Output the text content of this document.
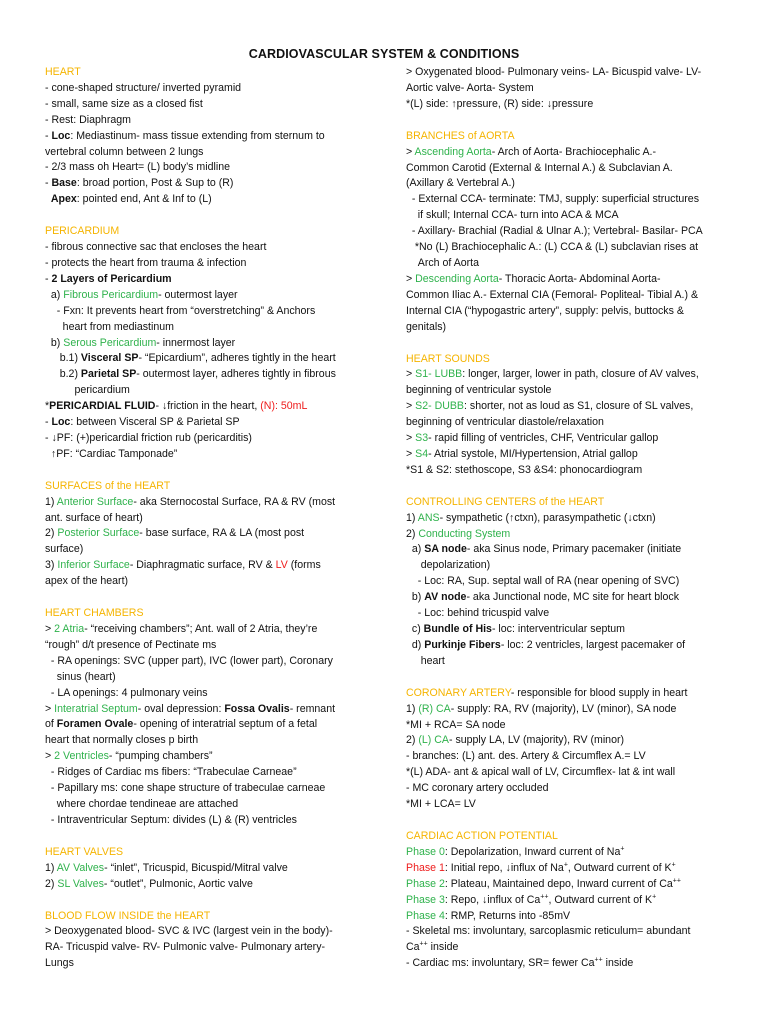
CARDIOVASCULAR SYSTEM & CONDITIONS
HEART
- cone-shaped structure/ inverted pyramid
- small, same size as a closed fist
- Rest: Diaphragm
- Loc: Mediastinum- mass tissue extending from sternum to
vertebral column between 2 lungs
- 2/3 mass oh Heart= (L) body’s midline
- Base: broad portion, Post & Sup to (R)
Apex: pointed end, Ant & Inf to (L)
PERICARDIUM
- fibrous connective sac that encloses the heart
- protects the heart from trauma & infection
- 2 Layers of Pericardium
a) Fibrous Pericardium- outermost layer
- Fxn: It prevents heart from “overstretching” & Anchors
heart from mediastinum
b) Serous Pericardium- innermost layer
b.1) Visceral SP- “Epicardium”, adheres tightly in the heart
b.2) Parietal SP- outermost layer, adheres tightly in fibrous
pericardium
*PERICARDIAL FLUID- ↓friction in the heart, (N): 50mL
- Loc: between Visceral SP & Parietal SP
- ↓PF: (+)pericardial friction rub (pericarditis)
↑PF: “Cardiac Tamponade”
SURFACES of the HEART
1) Anterior Surface- aka Sternocostal Surface, RA & RV (most
ant. surface of heart)
2) Posterior Surface- base surface, RA & LA (most post
surface)
3) Inferior Surface- Diaphragmatic surface, RV & LV (forms
apex of the heart)
HEART CHAMBERS
> 2 Atria- “receiving chambers”; Ant. wall of 2 Atria, they’re
“rough” d/t presence of Pectinate ms
- RA openings: SVC (upper part), IVC (lower part), Coronary
sinus (heart)
- LA openings: 4 pulmonary veins
> Interatrial Septum- oval depression: Fossa Ovalis- remnant
of Foramen Ovale- opening of interatrial septum of a fetal
heart that normally closes p birth
> 2 Ventricles- “pumping chambers”
- Ridges of Cardiac ms fibers: “Trabeculae Carneae”
- Papillary ms: cone shape structure of trabeculae carneae
where chordae tendineae are attached
- Intraventricular Septum: divides (L) & (R) ventricles
HEART VALVES
1) AV Valves- “inlet”, Tricuspid, Bicuspid/Mitral valve
2) SL Valves- “outlet”, Pulmonic, Aortic valve
BLOOD FLOW INSIDE the HEART
> Deoxygenated blood- SVC & IVC (largest vein in the body)-
RA- Tricuspid valve- RV- Pulmonic valve- Pulmonary artery-
Lungs
> Oxygenated blood- Pulmonary veins- LA- Bicuspid valve- LV-
Aortic valve- Aorta- System
*(L) side: ↑pressure, (R) side: ↓pressure
BRANCHES of AORTA
> Ascending Aorta- Arch of Aorta- Brachiocephalic A.-
Common Carotid (External & Internal A.) & Subclavian A.
(Axillary & Vertebral A.)
- External CCA- terminate: TMJ, supply: superficial structures
if skull; Internal CCA- turn into ACA & MCA
- Axillary- Brachial (Radial & Ulnar A.); Vertebral- Basilar- PCA
*No (L) Brachiocephalic A.: (L) CCA & (L) subclavian rises at
Arch of Aorta
> Descending Aorta- Thoracic Aorta- Abdominal Aorta-
Common Iliac A.- External CIA (Femoral- Popliteal- Tibial A.) &
Internal CIA (“hypogastric artery”, supply: pelvis, buttocks &
genitals)
HEART SOUNDS
> S1- LUBB: longer, larger, lower in path, closure of AV valves,
beginning of ventricular systole
> S2- DUBB: shorter, not as loud as S1, closure of SL valves,
beginning of ventricular diastole/relaxation
> S3- rapid filling of ventricles, CHF, Ventricular gallop
> S4- Atrial systole, MI/Hypertension, Atrial gallop
*S1 & S2: stethoscope, S3 &S4: phonocardiogram
CONTROLLING CENTERS of the HEART
1) ANS- sympathetic (↑ctxn), parasympathetic (↓ctxn)
2) Conducting System
a) SA node- aka Sinus node, Primary pacemaker (initiate
depolarization)
- Loc: RA, Sup. septal wall of RA (near opening of SVC)
b) AV node- aka Junctional node, MC site for heart block
- Loc: behind tricuspid valve
c) Bundle of His- loc: interventricular septum
d) Purkinje Fibers- loc: 2 ventricles, largest pacemaker of
heart
CORONARY ARTERY- responsible for blood supply in heart
1) (R) CA- supply: RA, RV (majority), LV (minor), SA node
*MI + RCA= SA node
2) (L) CA- supply LA, LV (majority), RV (minor)
- branches: (L) ant. des. Artery & Circumflex A.= LV
*(L) ADA- ant & apical wall of LV, Circumflex- lat & int wall
- MC coronary artery occluded
*MI + LCA= LV
CARDIAC ACTION POTENTIAL
Phase 0: Depolarization, Inward current of Na+
Phase 1: Initial repo, ↓influx of Na+, Outward current of K+
Phase 2: Plateau, Maintained depo, Inward current of Ca++
Phase 3: Repo, ↓influx of Ca++, Outward current of K+
Phase 4: RMP, Returns into -85mV
- Skeletal ms: involuntary, sarcoplasmic reticulum= abundant
Ca++ inside
- Cardiac ms: involuntary, SR= fewer Ca++ inside
